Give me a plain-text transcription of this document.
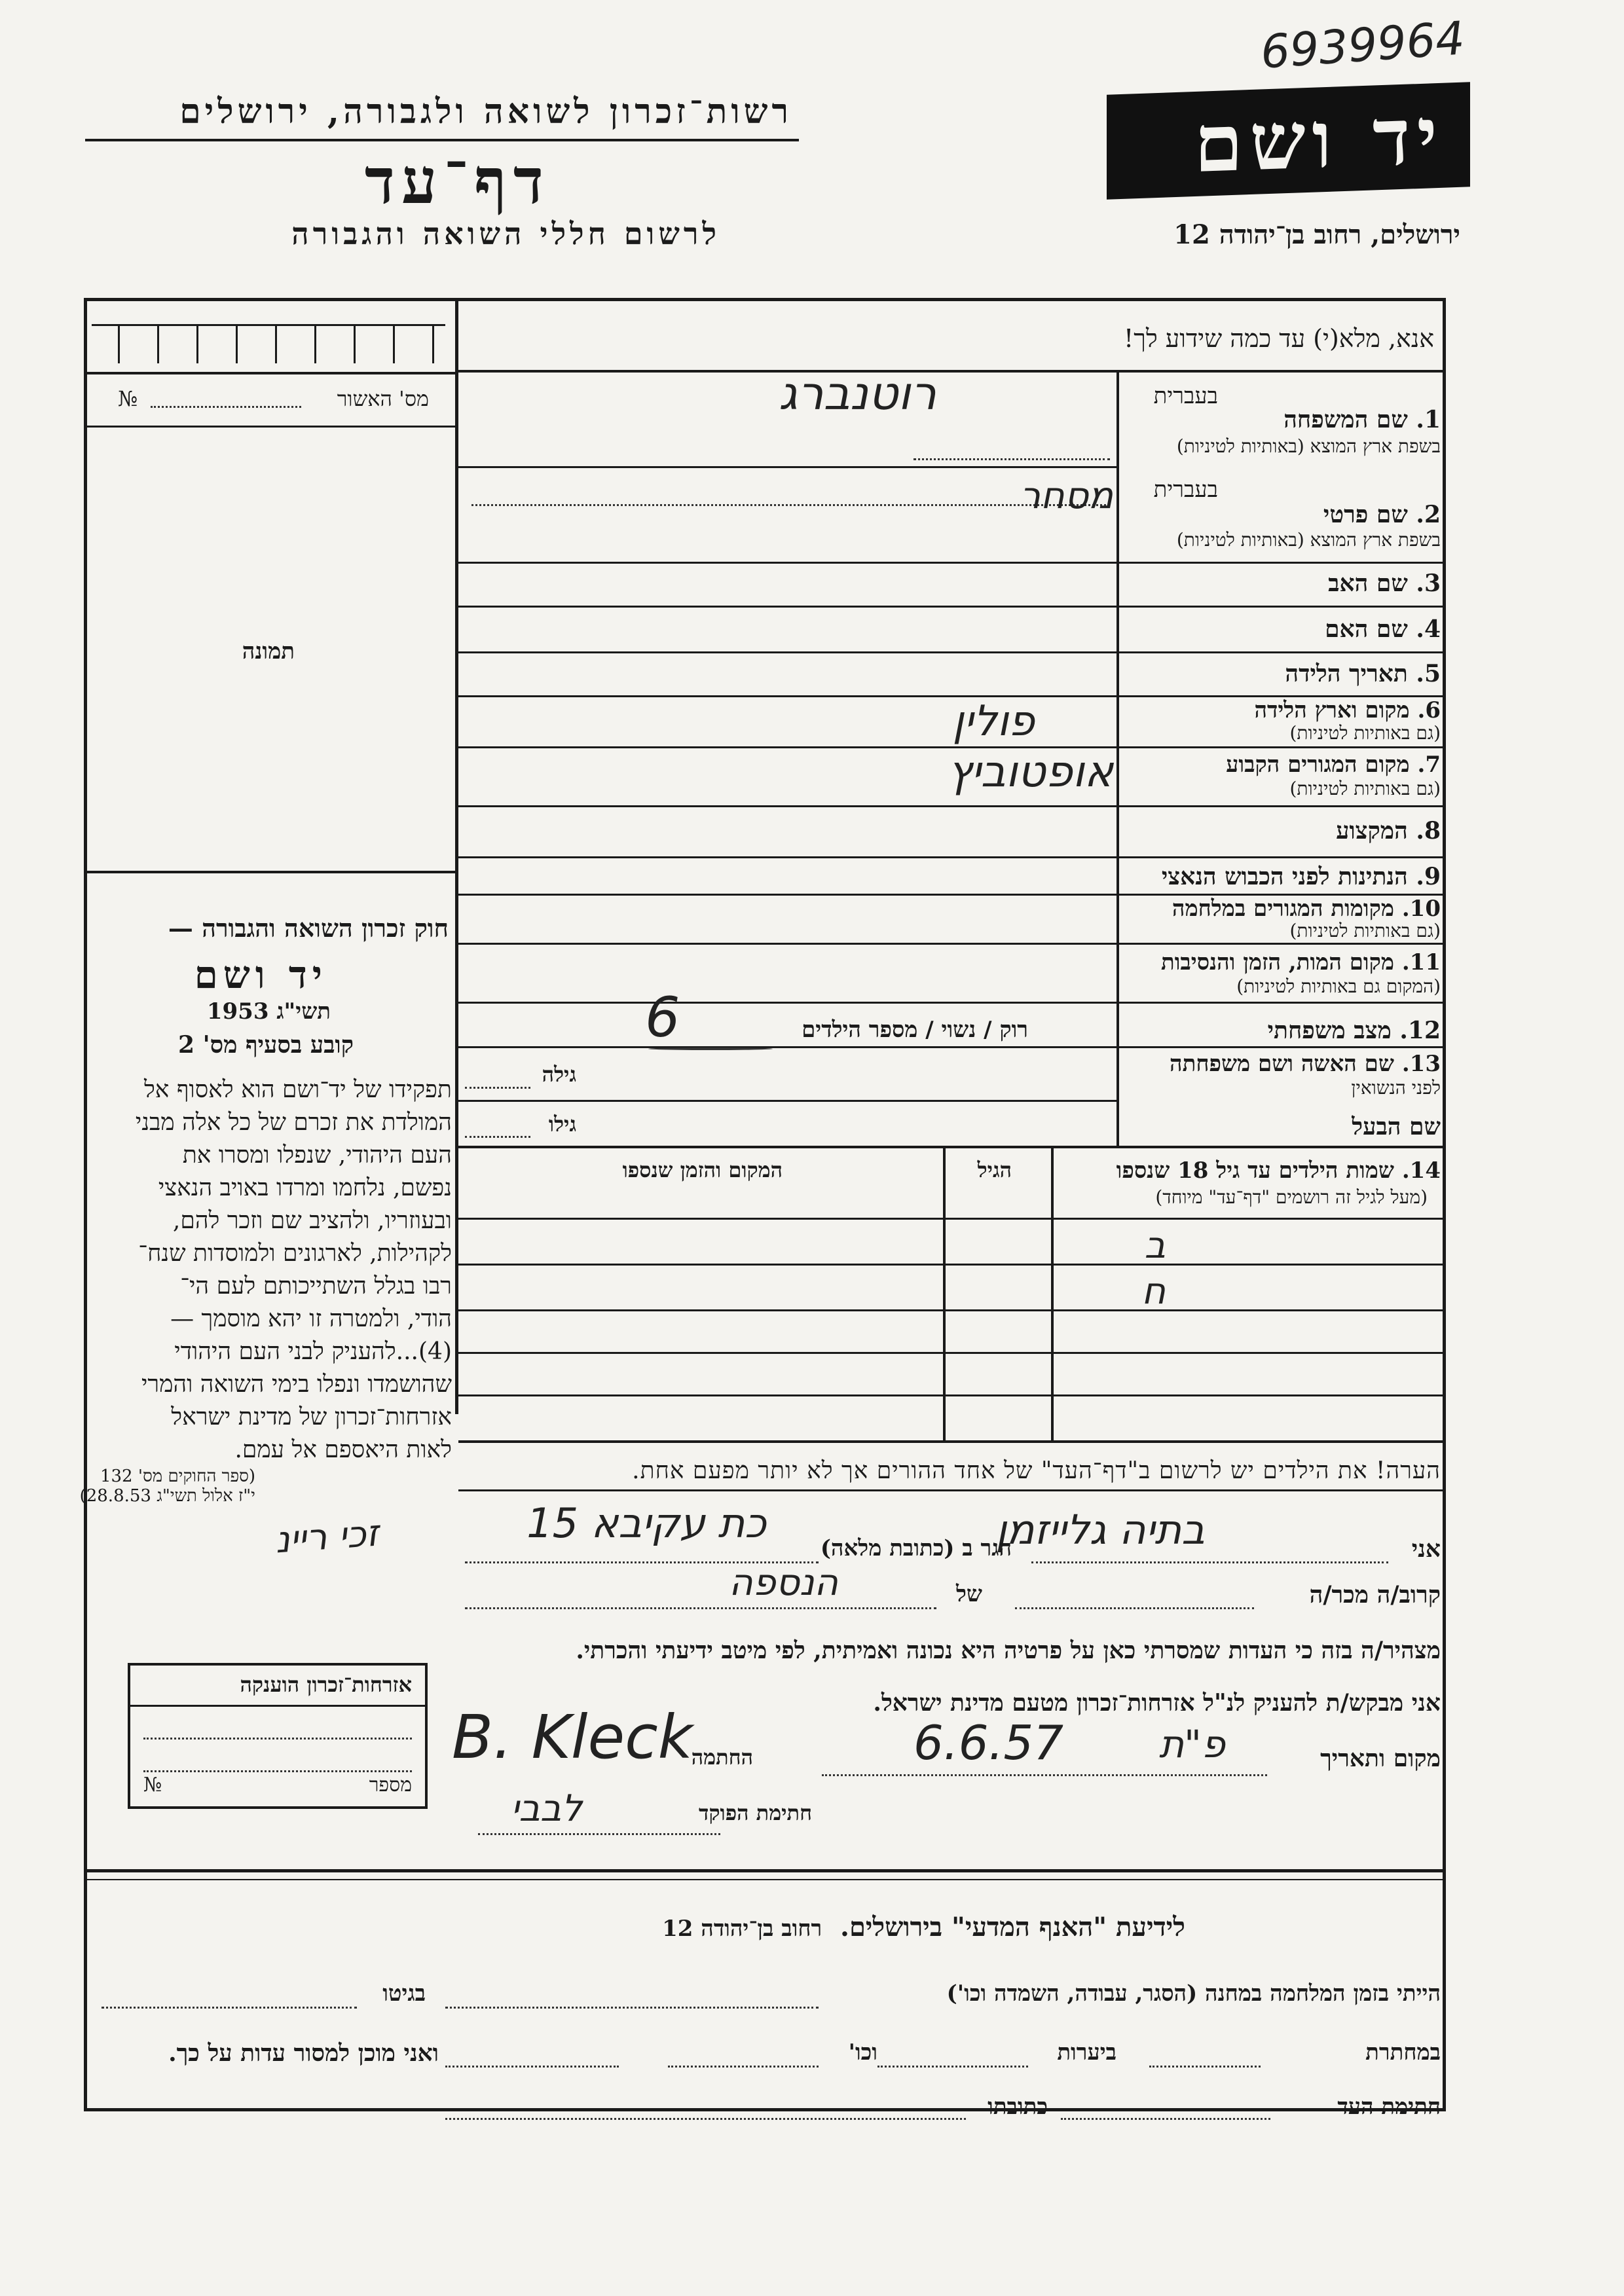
6939964
רשות־זכרון לשואה ולגבורה, ירושלים
דף־עד
לרשום חללי השואה והגבורה
יד ושם
ירושלים, רחוב בן־יהודה 12
אנא, מלא(י) עד כמה שידוע לך!
מס' האשור
№
תמונה
חוק זכרון השואה והגבורה —
יד ושם
תשי"ג 1953
קובע בסעיף מס' 2
תפקידו של יד־ושם הוא לאסוף אל
המולדת את זכרם של כל אלה מבני
העם היהודי, שנפלו ומסרו את
נפשם, נלחמו ומרדו באויב הנאצי
ובעוזריו, ולהציב שם וזכר להם,
לקהילות, לארגונים ולמוסדות שנח־
רבו בגלל השתייכותם לעם הי־
הודי, ולמטרה זו יהא מוסמך —
(4)...להעניק לבני העם היהודי
שהושמדו ונפלו בימי השואה והמרי
אזרחות־זכרון של מדינת ישראל
לאות היאספם אל עמם.
(ספר החוקים מס' 132
י"ז אלול תשי"ג 28.8.53)
בעברית
1. שם המשפחה
בשפת ארץ המוצא (באותיות לטיניות)
רוטנברג
בעברית
2. שם פרטי
בשפת ארץ המוצא (באותיות לטיניות)
מסחר
3. שם האב
4. שם האם
5. תאריך הלידה
6. מקום וארץ הלידה
(גם באותיות לטיניות)
פולין
7. מקום המגורים הקבוע
(גם באותיות לטיניות)
אופטוביץ
8. המקצוע
9. הנתינות לפני הכבוש הנאצי
10. מקומות המגורים במלחמה
(גם באותיות לטיניות)
11. מקום המות, הזמן והנסיבות
(המקום גם באותיות לטיניות)
12. מצב משפחתי
רוק / נשוי / מספר הילדים
6
13. שם האשה ושם משפחתה
לפני הנשואין
גילה
שם הבעל
גילו
14. שמות הילדים עד גיל 18 שנספו
(מעל לגיל זה רושמים "דף־עד" מיוחד)
הגיל
המקום והזמן שנספו
ב
ח
הערה! את הילדים יש לרשום ב"דף־העד" של אחד ההורים אך לא יותר מפעם אחת.
זכי ריינ	אני
בתיה גלייזמן
הגר ב (כתובת מלאה)
כת עקיבא 15
קרוב/ה מכר/ה
של
הנספה
מצהיר/ה בזה כי העדות שמסרתי כאן על פרטיה היא נכונה ואמיתית, לפי מיטב ידיעתי והכרתי.
אני מבקש/ת להעניק לנ"ל אזרחות־זכרון מטעם מדינת ישראל.
מקום ותאריך
6.6.57	פ"ת
החתמה
B. Kleck
חתימת הפוקד
לבבי
אזרחות־זכרון הוענקה
מספר
№
לידיעת "האנף המדעי" בירושלים.  רחוב בן־יהודה 12
הייתי בזמן המלחמה במחנה (הסגר, עבודה, השמדה וכו')
בגיטו
במחתרת
ביערות
וכו'
ואני מוכן למסור עדות על כך.
חתימת העד
כתובתו
